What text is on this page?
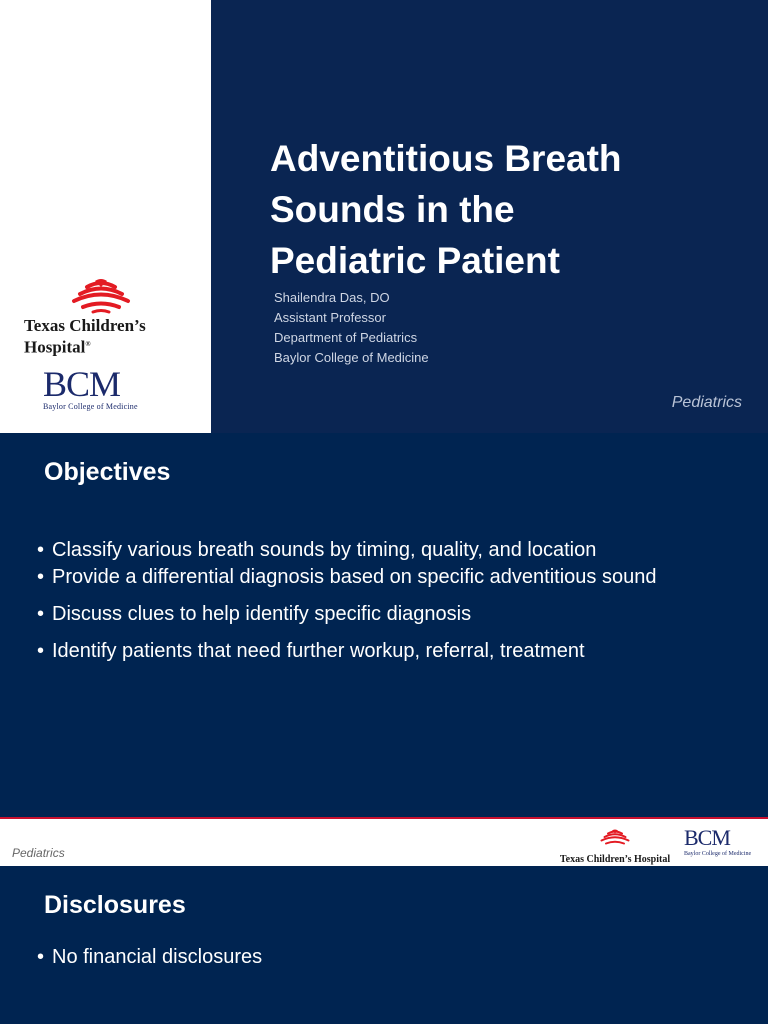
Texas Children’s
Hospital®
BCM
Baylor College of Medicine
Adventitious Breath
Sounds in the
Pediatric Patient
Shailendra Das, DO
Assistant Professor
Department of Pediatrics
Baylor College of Medicine
Pediatrics
Objectives
• Classify various breath sounds by timing, quality, and location
• Provide a differential diagnosis based on specific adventitious sound
• Discuss clues to help identify specific diagnosis
• Identify patients that need further workup, referral, treatment
Pediatrics	Texas Children’s Hospital
BCM
Baylor College of Medicine
Disclosures
• No financial disclosures
